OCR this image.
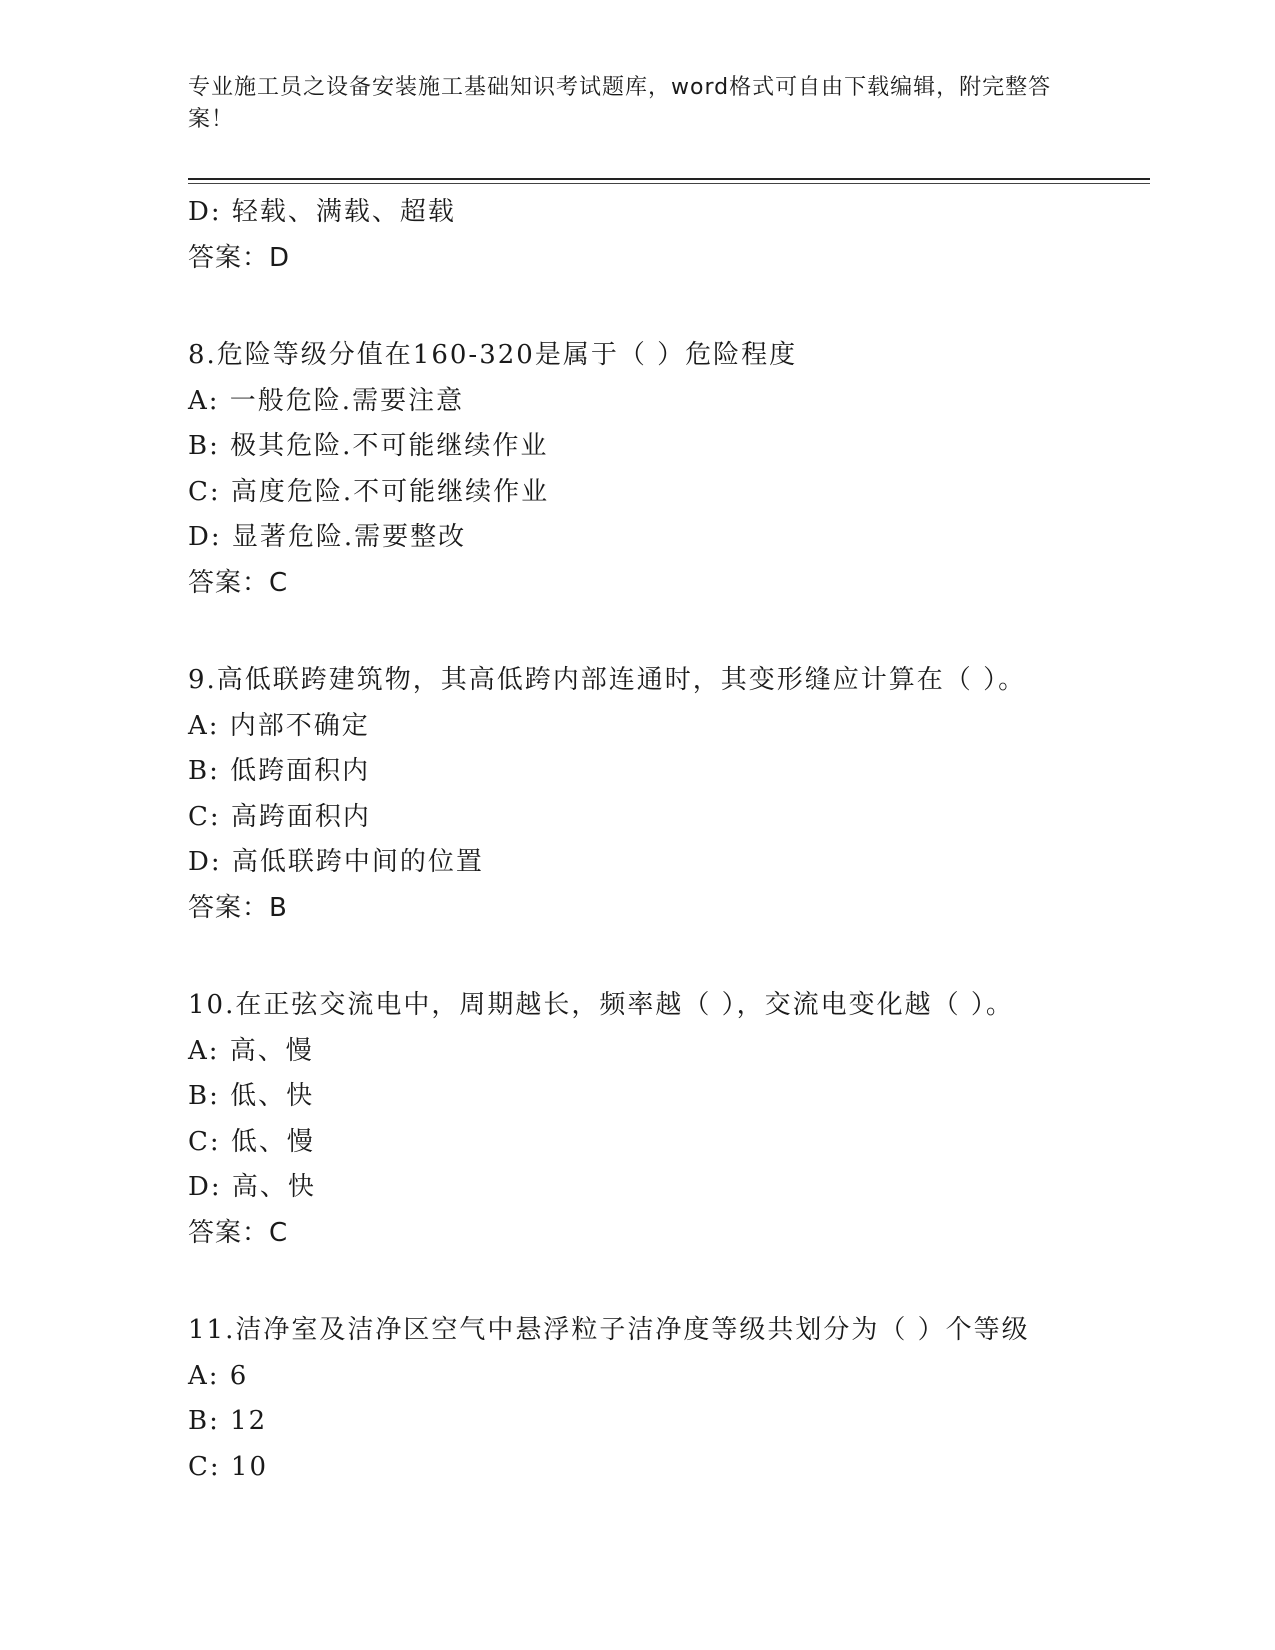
专业施工员之设备安装施工基础知识考试题库，word格式可自由下载编辑，附完整答案！
D: 轻载、满载、超载
答案：D
8.危险等级分值在160-320是属于（ ）危险程度
A: 一般危险.需要注意
B: 极其危险.不可能继续作业
C: 高度危险.不可能继续作业
D: 显著危险.需要整改
答案：C
9.高低联跨建筑物，其高低跨内部连通时，其变形缝应计算在（ ）。
A: 内部不确定
B: 低跨面积内
C: 高跨面积内
D: 高低联跨中间的位置
答案：B
10.在正弦交流电中，周期越长，频率越（ ），交流电变化越（ ）。
A: 高、慢
B: 低、快
C: 低、慢
D: 高、快
答案：C
11.洁净室及洁净区空气中悬浮粒子洁净度等级共划分为（ ）个等级
A: 6
B: 12
C: 10
